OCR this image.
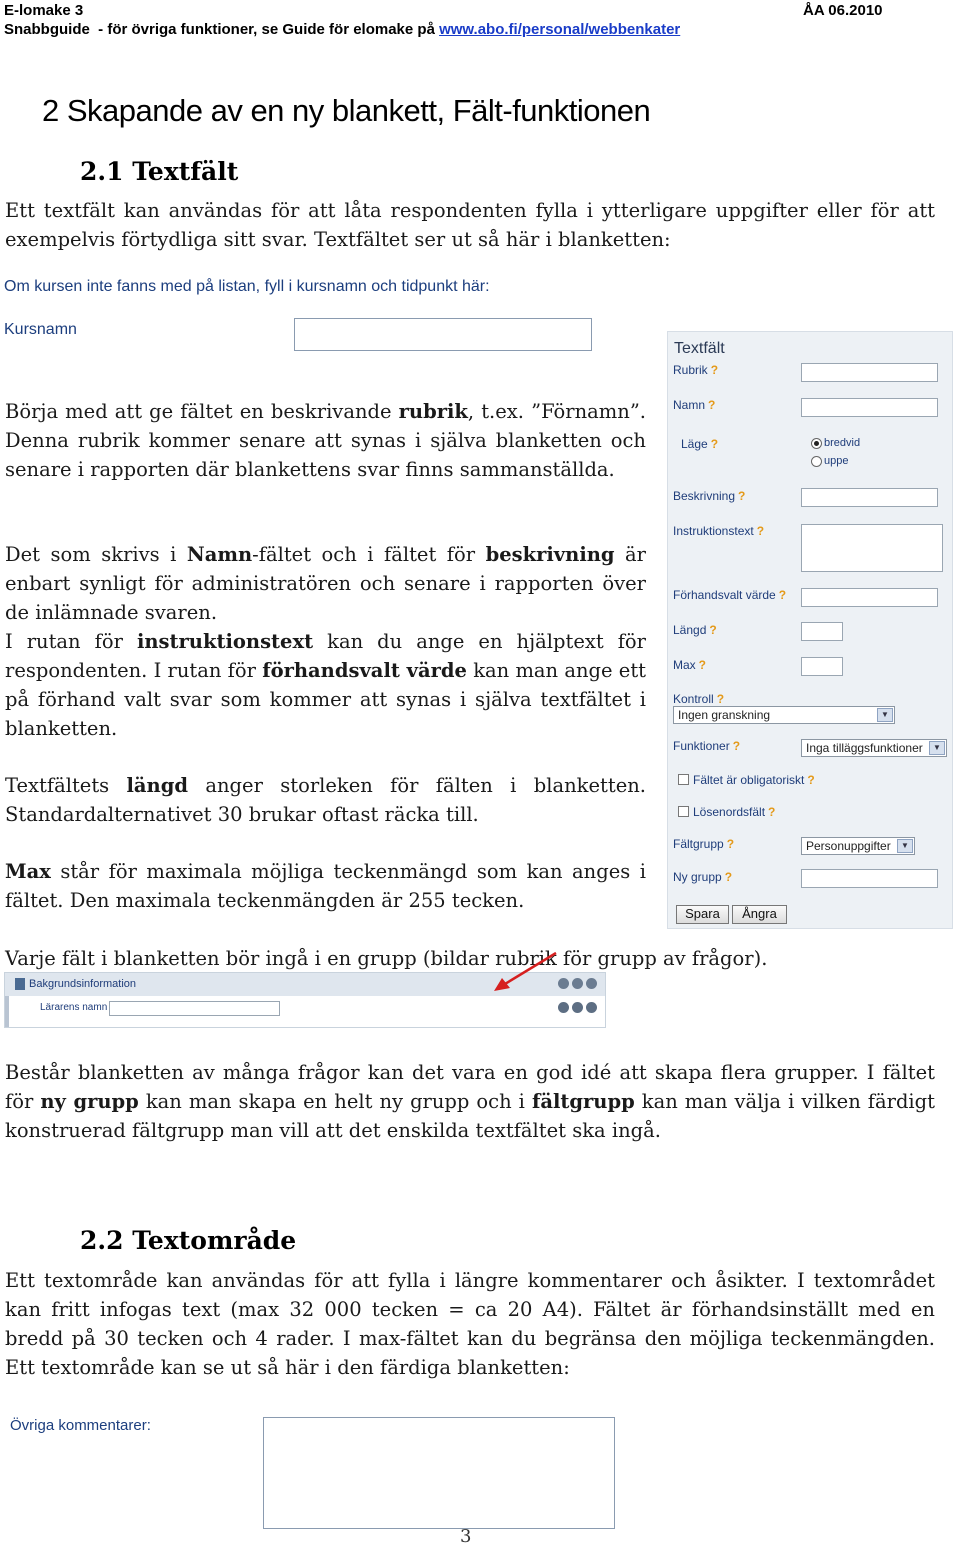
E-lomake 3	ÅA 06.2010
Snabbguide  - för övriga funktioner, se Guide för elomake på www.abo.fi/personal/webbenkater
2 Skapande av en ny blankett, Fält-funktionen
2.1 Textfält

Ett textfält kan användas för att låta respondenten fylla i ytterligare uppgifter eller för att exempelvis förtydliga sitt svar. Textfältet ser ut så här i blanketten:

Om kursen inte fanns med på listan, fyll i kursnamn och tidpunkt här:
Kursnamn

Börja med att ge fältet en beskrivande rubrik, t.ex. ”Förnamn”. Denna rubrik kommer senare att synas i själva blanketten och senare i rapporten där blankettens svar finns sammanställda.

Det som skrivs i Namn-fältet och i fältet för beskrivning är enbart synligt för administratören och senare i rapporten över de inlämnade svaren.
I rutan för instruktionstext kan du ange en hjälptext för respondenten. I rutan för förhandsvalt värde kan man ange ett på förhand valt svar som kommer att synas i själva textfältet i blanketten.

Textfältets längd anger storleken för fälten i blanketten. Standardalternativet 30 brukar oftast räcka till.

Max står för maximala möjliga teckenmängd som kan anges i fältet. Den maximala teckenmängden är 255 tecken.

Textfält
Rubrik ?
Namn ?
Läge ?	bredvid
uppe
Beskrivning ?
Instruktionstext ?
Förhandsvalt värde ?
Längd ?
Max ?
Kontroll ?
Ingen granskning	▼
Funktioner ?	Inga tilläggsfunktioner	▼
Fältet är obligatoriskt ?
Lösenordsfält ?
Fältgrupp ?	Personuppgifter	▼
Ny grupp ?
Spara	Ångra

Varje fält i blanketten bör ingå i en grupp (bildar rubrik för grupp av frågor).

Bakgrundsinformation
Lärarens namn

Består blanketten av många frågor kan det vara en god idé att skapa flera grupper. I fältet för ny grupp kan man skapa en helt ny grupp och i fältgrupp kan man välja i vilken färdigt konstruerad fältgrupp man vill att det enskilda textfältet ska ingå.

2.2 Textområde

Ett textområde kan användas för att fylla i längre kommentarer och åsikter. I textområdet kan fritt infogas text (max 32 000 tecken = ca 20 A4). Fältet är förhandsinställt med en bredd på 30 tecken och 4 rader. I max-fältet kan du begränsa den möjliga teckenmängden. Ett textområde kan se ut så här i den färdiga blanketten:

Övriga kommentarer:
3
